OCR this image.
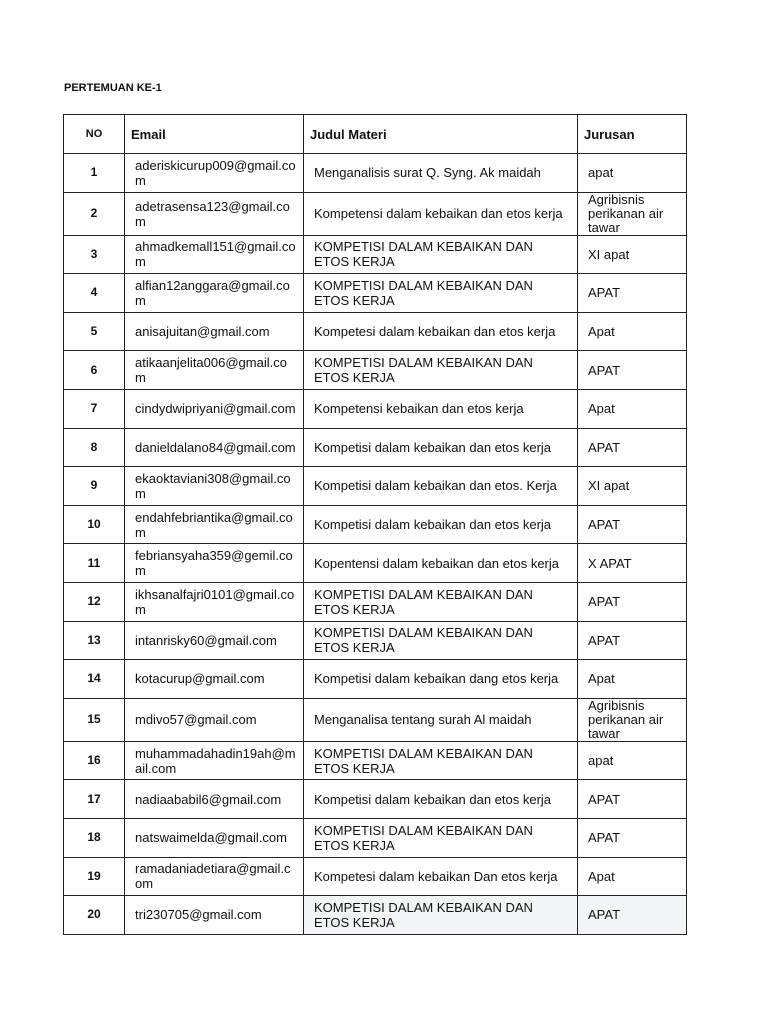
PERTEMUAN KE-1
NO	Email	Judul Materi	Jurusan
1	aderiskicurup009@gmail.com	Menganalisis surat Q. Syng. Ak maidah	apat
2	adetrasensa123@gmail.com	Kompetensi dalam kebaikan dan etos kerja	Agribisnis perikanan air tawar
3	ahmadkemall151@gmail.com	KOMPETISI DALAM KEBAIKAN DAN ETOS KERJA	XI apat
4	alfian12anggara@gmail.com	KOMPETISI DALAM KEBAIKAN DAN ETOS KERJA	APAT
5	anisajuitan@gmail.com	Kompetesi dalam kebaikan dan etos kerja	Apat
6	atikaanjelita006@gmail.com	KOMPETISI DALAM KEBAIKAN DAN ETOS KERJA	APAT
7	cindydwipriyani@gmail.com	Kompetensi kebaikan dan etos kerja	Apat
8	danieldalano84@gmail.com	Kompetisi dalam kebaikan dan etos kerja	APAT
9	ekaoktaviani308@gmail.com	Kompetisi dalam kebaikan dan etos. Kerja	XI apat
10	endahfebriantika@gmail.com	Kompetisi dalam kebaikan dan etos kerja	APAT
11	febriansyaha359@gemil.com	Kopentensi dalam kebaikan dan etos kerja	X APAT
12	ikhsanalfajri0101@gmail.com	KOMPETISI DALAM KEBAIKAN DAN ETOS KERJA	APAT
13	intanrisky60@gmail.com	KOMPETISI DALAM KEBAIKAN DAN ETOS KERJA	APAT
14	kotacurup@gmail.com	Kompetisi dalam kebaikan dang etos kerja	Apat
15	mdivo57@gmail.com	Menganalisa tentang surah Al maidah	Agribisnis perikanan air tawar
16	muhammadahadin19ah@mail.com	KOMPETISI DALAM KEBAIKAN DAN ETOS KERJA	apat
17	nadiaababil6@gmail.com	Kompetisi dalam kebaikan dan etos kerja	APAT
18	natswaimelda@gmail.com	KOMPETISI DALAM KEBAIKAN DAN ETOS KERJA	APAT
19	ramadaniadetiara@gmail.com	Kompetesi dalam kebaikan Dan etos kerja	Apat
20	tri230705@gmail.com	KOMPETISI DALAM KEBAIKAN DAN ETOS KERJA	APAT
